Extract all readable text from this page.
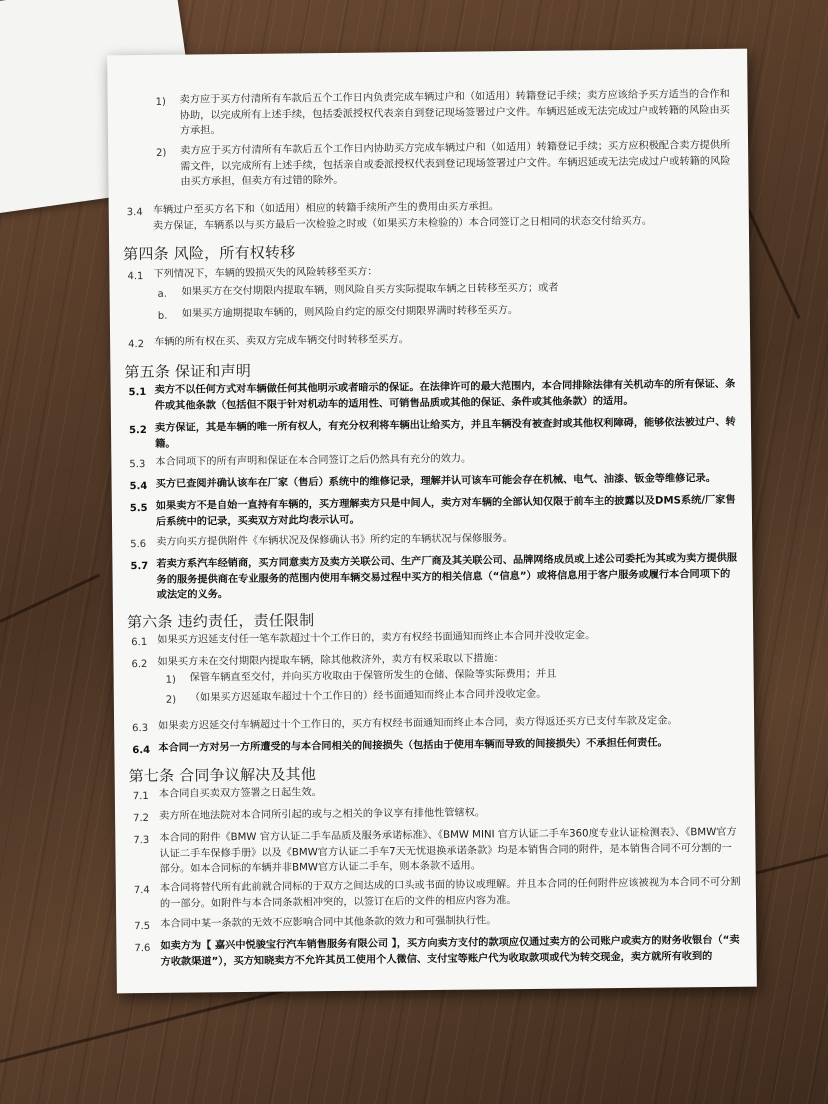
1) 卖方应于买方付清所有车款后五个工作日内负责完成车辆过户和（如适用）转籍登记手续；卖方应该给予买方适当的合作和协助，以完成所有上述手续，包括委派授权代表亲自到登记现场签署过户文件。车辆迟延或无法完成过户或转籍的风险由买方承担。
2) 卖方应于买方付清所有车款后五个工作日内协助买方完成车辆过户和（如适用）转籍登记手续；买方应积极配合卖方提供所需文件，以完成所有上述手续，包括亲自或委派授权代表到登记现场签署过户文件。车辆迟延或无法完成过户或转籍的风险由买方承担，但卖方有过错的除外。
3.4 车辆过户至买方名下和（如适用）相应的转籍手续所产生的费用由买方承担。
卖方保证，车辆系以与买方最后一次检验之时或（如果买方未检验的）本合同签订之日相同的状态交付给买方。
第四条 风险，所有权转移
4.1 下列情况下，车辆的毁损灭失的风险转移至买方：
a. 如果买方在交付期限内提取车辆，则风险自买方实际提取车辆之日转移至买方；或者
b. 如果买方逾期提取车辆的，则风险自约定的原交付期限界满时转移至买方。
4.2 车辆的所有权在买、卖双方完成车辆交付时转移至买方。
第五条 保证和声明
5.1 卖方不以任何方式对车辆做任何其他明示或者暗示的保证。在法律许可的最大范围内，本合同排除法律有关机动车的所有保证、条件或其他条款（包括但不限于针对机动车的适用性、可销售品质或其他的保证、条件或其他条款）的适用。
5.2 卖方保证，其是车辆的唯一所有权人，有充分权利将车辆出让给买方，并且车辆没有被查封或其他权利障碍，能够依法被过户、转籍。
5.3 本合同项下的所有声明和保证在本合同签订之后仍然具有充分的效力。
5.4 买方已查阅并确认该车在厂家（售后）系统中的维修记录，理解并认可该车可能会存在机械、电气、油漆、钣金等维修记录。
5.5 如果卖方不是自始一直持有车辆的，买方理解卖方只是中间人，卖方对车辆的全部认知仅限于前车主的披露以及DMS系统/厂家售后系统中的记录，买卖双方对此均表示认可。
5.6 卖方向买方提供附件《车辆状况及保修确认书》所约定的车辆状况与保修服务。
5.7 若卖方系汽车经销商，买方同意卖方及卖方关联公司、生产厂商及其关联公司、品牌网络成员或上述公司委托为其或为卖方提供服务的服务提供商在专业服务的范围内使用车辆交易过程中买方的相关信息（“信息”）或将信息用于客户服务或履行本合同项下的或法定的义务。
第六条 违约责任，责任限制
6.1 如果买方迟延支付任一笔车款超过十个工作日的，卖方有权经书面通知而终止本合同并没收定金。
6.2 如果买方未在交付期限内提取车辆，除其他救济外，卖方有权采取以下措施：
1) 保管车辆直至交付，并向买方收取由于保管所发生的仓储、保险等实际费用；并且
2) （如果买方迟延取车超过十个工作日的）经书面通知而终止本合同并没收定金。
6.3 如果卖方迟延交付车辆超过十个工作日的，买方有权经书面通知而终止本合同，卖方得返还买方已支付车款及定金。
6.4 本合同一方对另一方所遭受的与本合同相关的间接损失（包括由于使用车辆而导致的间接损失）不承担任何责任。
第七条 合同争议解决及其他
7.1 本合同自买卖双方签署之日起生效。
7.2 卖方所在地法院对本合同所引起的或与之相关的争议享有排他性管辖权。
7.3 本合同的附件《BMW 官方认证二手车品质及服务承诺标准》、《BMW MINI 官方认证二手车360度专业认证检测表》、《BMW官方认证二手车保修手册》以及《BMW官方认证二手车7天无忧退换承诺条款》均是本销售合同的附件，是本销售合同不可分割的一部分。如本合同标的车辆并非BMW官方认证二手车，则本条款不适用。
7.4 本合同将替代所有此前就合同标的于双方之间达成的口头或书面的协议或理解。并且本合同的任何附件应该被视为本合同不可分割的一部分。如附件与本合同条款相冲突的，以签订在后的文件的相应内容为准。
7.5 本合同中某一条款的无效不应影响合同中其他条款的效力和可强制执行性。
7.6 如卖方为【 嘉兴中悦骏宝行汽车销售服务有限公司 】，买方向卖方支付的款项应仅通过卖方的公司账户或卖方的财务收银台（“卖方收款渠道”），买方知晓卖方不允许其员工使用个人微信、支付宝等账户代为收取款项或代为转交现金，卖方就所有收到的
